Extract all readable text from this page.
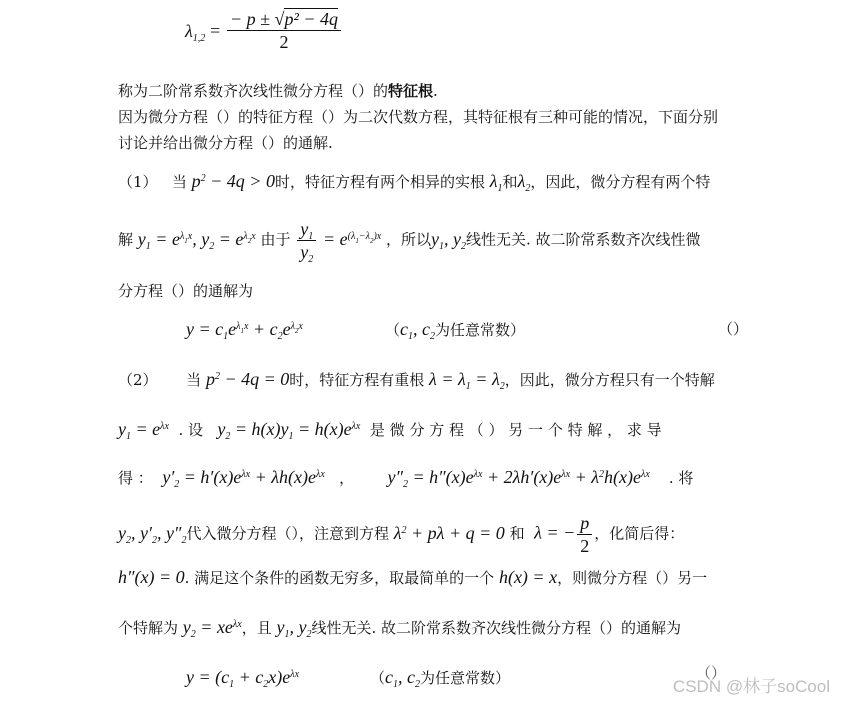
$\lambda_{1,2} = \frac{\text{− p ± √p² − 4q}}{2}$
称为二阶常系数齐次线性微分方程（）的特征根.
因为微分方程（）的特征方程（）为二次代数方程，其特征根有三种可能的情况，下面分别
讨论并给出微分方程（）的通解.
（1） 当 $p^2 - 4q > 0$时，特征方程有两个相异的实根 $\lambda_1$和$\lambda_2$，因此，微分方程有两个特
解 $y_1 = e^{\lambda_1x}$, $y_2 = e^{\lambda_2x}$ 由于 $\frac{y_1}{y_2} = e^{(\lambda_1-\lambda_2)x}$ ，所以$y_1$, $y_2$线性无关. 故二阶常系数齐次线性微
分方程（）的通解为
$y = c_1e^{\lambda_1x} + c_2e^{\lambda_2x}$	（$c_1$, $c_2$为任意常数）	（）
（2） 当 $p^2 - 4q = 0$时，特征方程有重根 $\lambda = \lambda_1 = \lambda_2$，因此，微分方程只有一个特解
$y_1 = e^{\lambda x}$ . 设 $y_2 = h(x)y_1 = h(x)e^{\lambda x}$ 是 微 分 方 程 （ ） 另 一 个 特 解 ， 求 导
得 ： $y'_2 = h'(x)e^{\lambda x} + \lambda h(x)e^{\lambda x}$ ， $y''_2 = h''(x)e^{\lambda x} + 2\lambda h'(x)e^{\lambda x} + \lambda^2h(x)e^{\lambda x}$ . 将
$y_2$, $y'_2$, $y''_2$代入微分方程（），注意到方程 $\lambda^2 + p\lambda + q = 0$ 和 λ = − $\frac{p}{2}$ ，化简后得：
h″(x) = 0. 满足这个条件的函数无穷多，取最简单的一个 h(x) = x，则微分方程（）另一
个特解为 $y_2 = xe^{\lambda x}$，且 $y_1$, $y_2$线性无关. 故二阶常系数齐次线性微分方程（）的通解为
$y = (c_1 + c_2x)e^{\lambda x}$	（$c_1$, $c_2$为任意常数）	（）
CSDN @林子soCool
